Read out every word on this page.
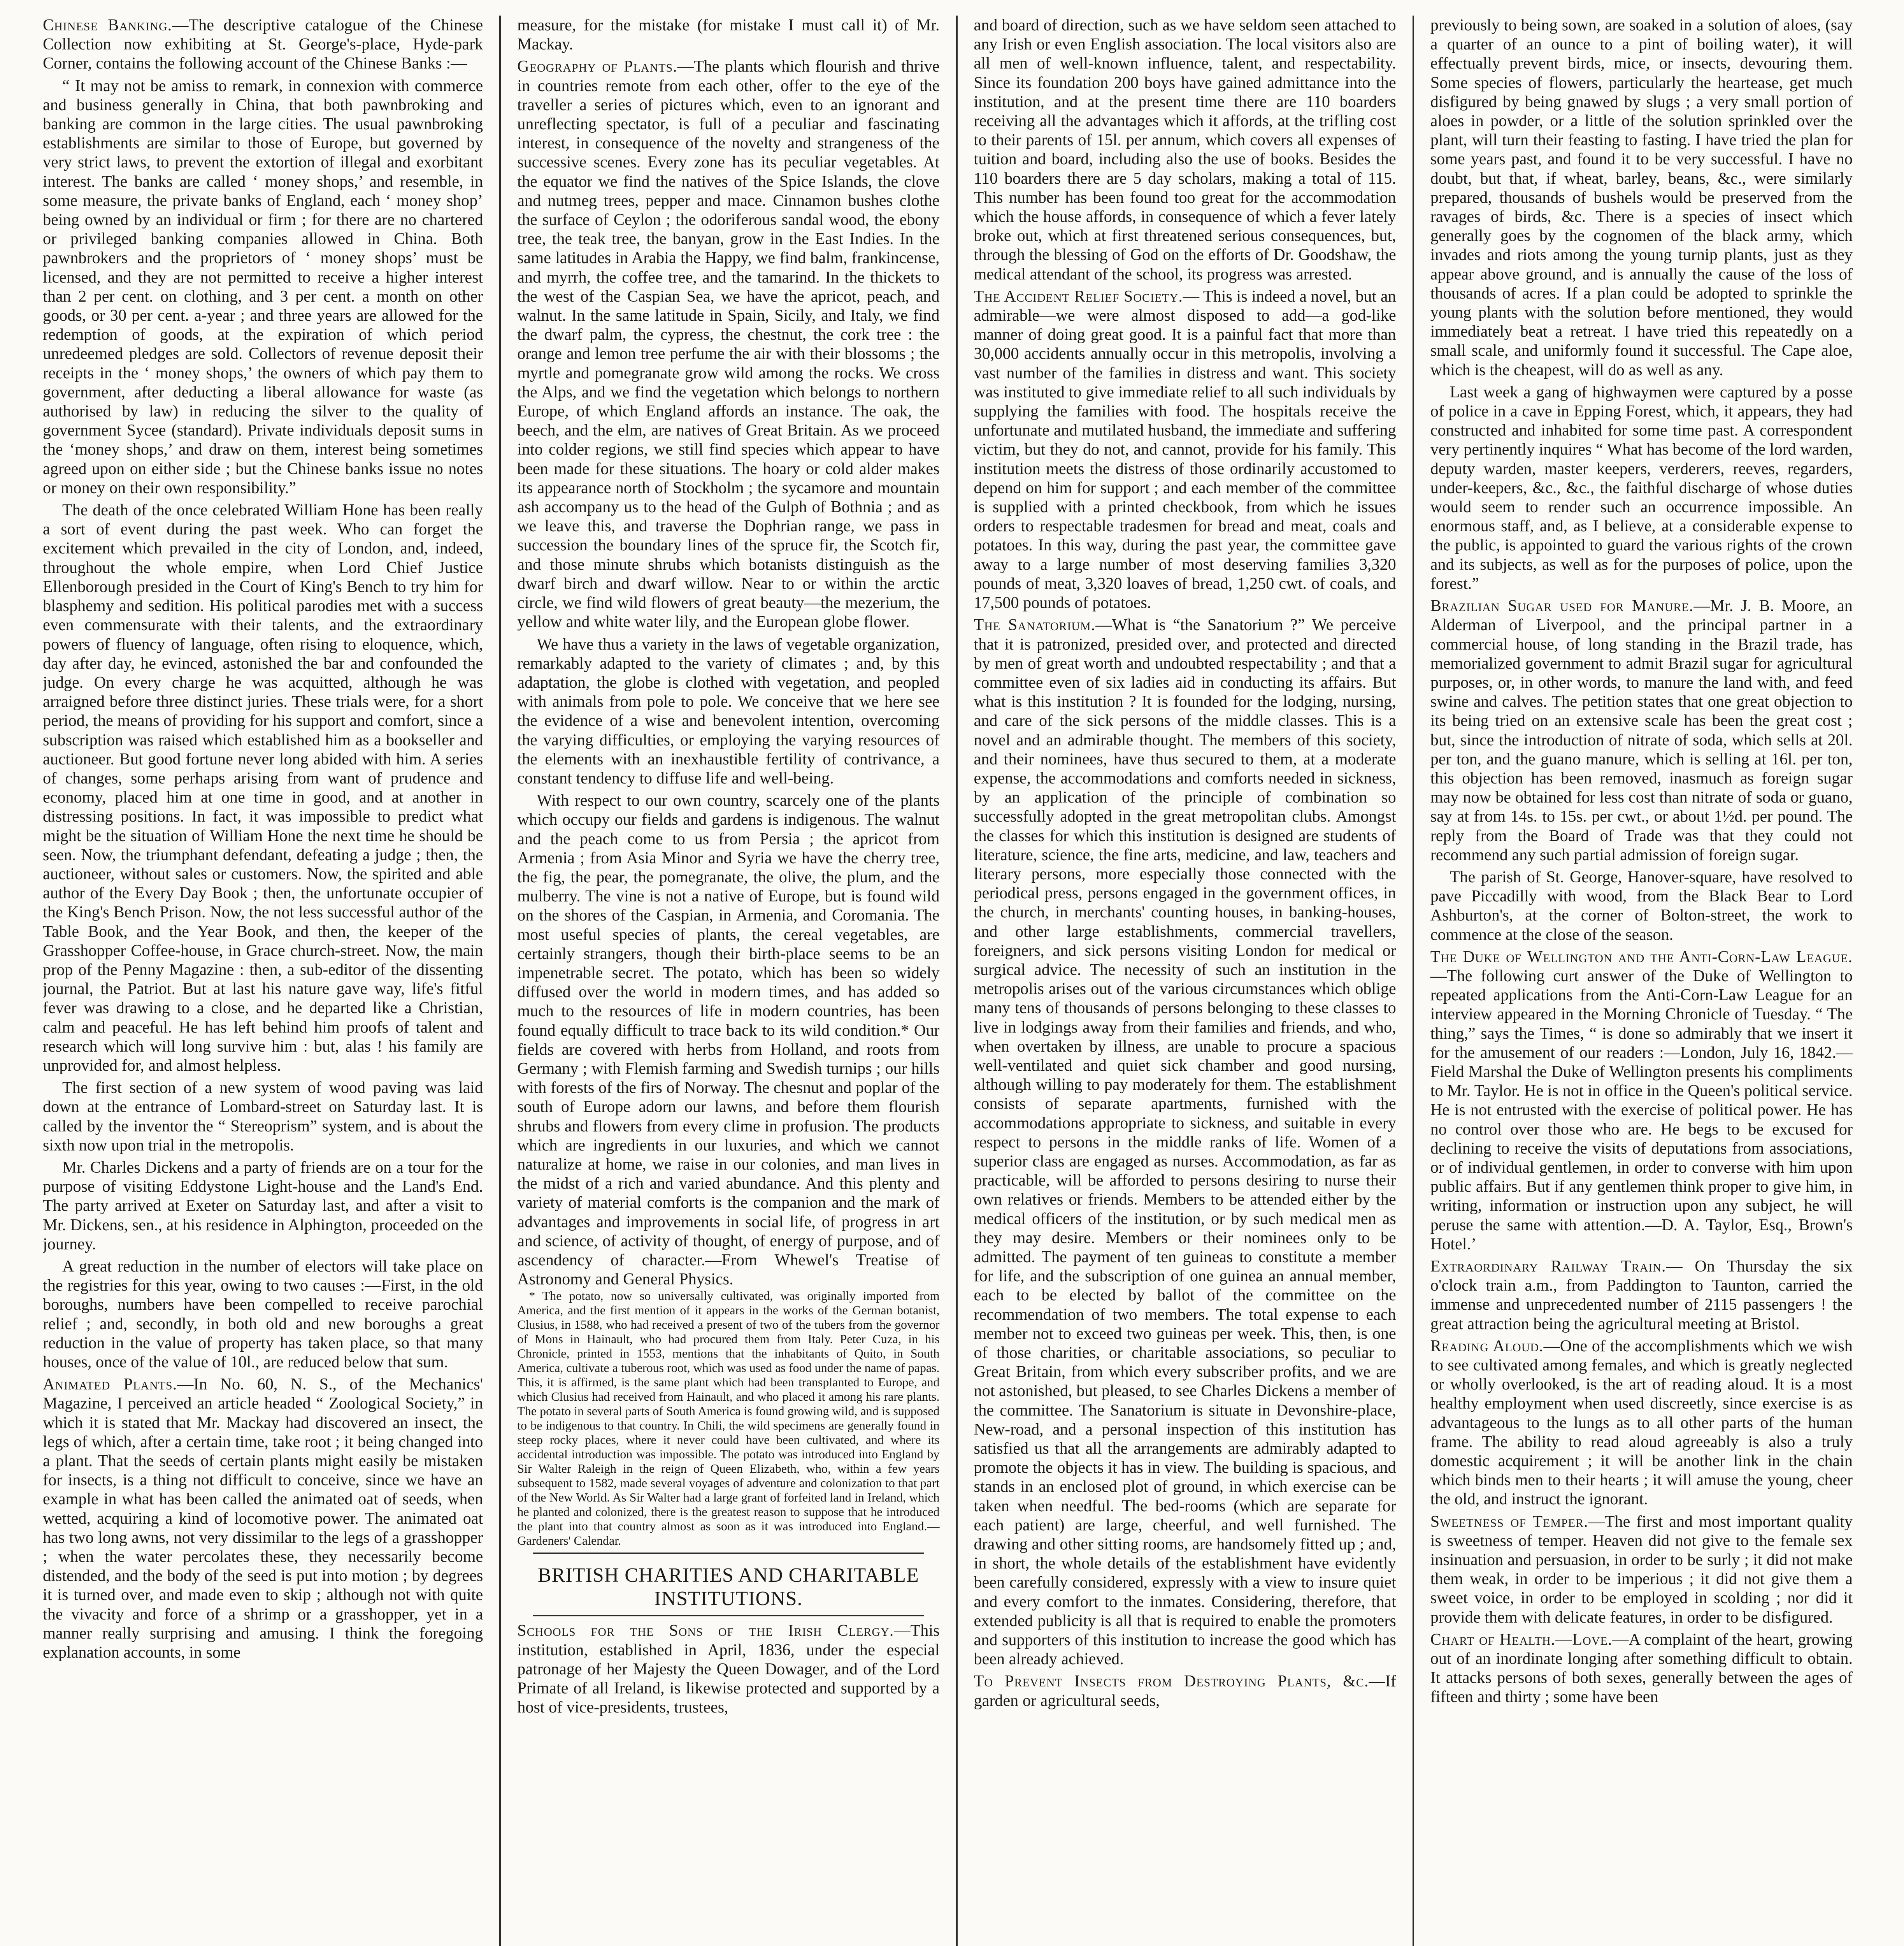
Chinese Banking.—The descriptive catalogue of the Chinese Collection now exhibiting at St. George's-place, Hyde-park Corner, contains the following account of the Chinese Banks :—

“ It may not be amiss to remark, in connexion with commerce and business generally in China, that both pawnbroking and banking are common in the large cities. The usual pawnbroking establishments are similar to those of Europe, but governed by very strict laws, to prevent the extortion of illegal and exorbitant interest. The banks are called ‘ money shops,’ and resemble, in some measure, the private banks of England, each ‘ money shop’ being owned by an individual or firm ; for there are no chartered or privileged banking companies allowed in China. Both pawnbrokers and the proprietors of ‘ money shops’ must be licensed, and they are not permitted to receive a higher interest than 2 per cent. on clothing, and 3 per cent. a month on other goods, or 30 per cent. a-year ; and three years are allowed for the redemption of goods, at the expiration of which period unredeemed pledges are sold. Collectors of revenue deposit their receipts in the ‘ money shops,’ the owners of which pay them to government, after deducting a liberal allowance for waste (as authorised by law) in reducing the silver to the quality of government Sycee (standard). Private individuals deposit sums in the ‘money shops,’ and draw on them, interest being sometimes agreed upon on either side ; but the Chinese banks issue no notes or money on their own responsibility.”

The death of the once celebrated William Hone has been really a sort of event during the past week. Who can forget the excitement which prevailed in the city of London, and, indeed, throughout the whole empire, when Lord Chief Justice Ellenborough presided in the Court of King's Bench to try him for blasphemy and sedition. His political parodies met with a success even commensurate with their talents, and the extraordinary powers of fluency of language, often rising to eloquence, which, day after day, he evinced, astonished the bar and confounded the judge. On every charge he was acquitted, although he was arraigned before three distinct juries. These trials were, for a short period, the means of providing for his support and comfort, since a subscription was raised which established him as a bookseller and auctioneer. But good fortune never long abided with him. A series of changes, some perhaps arising from want of prudence and economy, placed him at one time in good, and at another in distressing positions. In fact, it was impossible to predict what might be the situation of William Hone the next time he should be seen. Now, the triumphant defendant, defeating a judge ; then, the auctioneer, without sales or customers. Now, the spirited and able author of the Every Day Book ; then, the unfortunate occupier of the King's Bench Prison. Now, the not less successful author of the Table Book, and the Year Book, and then, the keeper of the Grasshopper Coffee-house, in Grace church-street. Now, the main prop of the Penny Magazine : then, a sub-editor of the dissenting journal, the Patriot. But at last his nature gave way, life's fitful fever was drawing to a close, and he departed like a Christian, calm and peaceful. He has left behind him proofs of talent and research which will long survive him : but, alas ! his family are unprovided for, and almost helpless.

The first section of a new system of wood paving was laid down at the entrance of Lombard-street on Saturday last. It is called by the inventor the “ Stereoprism” system, and is about the sixth now upon trial in the metropolis.

Mr. Charles Dickens and a party of friends are on a tour for the purpose of visiting Eddystone Light-house and the Land's End. The party arrived at Exeter on Saturday last, and after a visit to Mr. Dickens, sen., at his residence in Alphington, proceeded on the journey.

A great reduction in the number of electors will take place on the registries for this year, owing to two causes :—First, in the old boroughs, numbers have been compelled to receive parochial relief ; and, secondly, in both old and new boroughs a great reduction in the value of property has taken place, so that many houses, once of the value of 10l., are reduced below that sum.

Animated Plants.—In No. 60, N. S., of the Mechanics' Magazine, I perceived an article headed “ Zoological Society,” in which it is stated that Mr. Mackay had discovered an insect, the legs of which, after a certain time, take root ; it being changed into a plant. That the seeds of certain plants might easily be mistaken for insects, is a thing not difficult to conceive, since we have an example in what has been called the animated oat of seeds, when wetted, acquiring a kind of locomotive power. The animated oat has two long awns, not very dissimilar to the legs of a grasshopper ; when the water percolates these, they necessarily become distended, and the body of the seed is put into motion ; by degrees it is turned over, and made even to skip ; although not with quite the vivacity and force of a shrimp or a grasshopper, yet in a manner really surprising and amusing. I think the foregoing explanation accounts, in some

measure, for the mistake (for mistake I must call it) of Mr. Mackay.

Geography of Plants.—The plants which flourish and thrive in countries remote from each other, offer to the eye of the traveller a series of pictures which, even to an ignorant and unreflecting spectator, is full of a peculiar and fascinating interest, in consequence of the novelty and strangeness of the successive scenes. Every zone has its peculiar vegetables. At the equator we find the natives of the Spice Islands, the clove and nutmeg trees, pepper and mace. Cinnamon bushes clothe the surface of Ceylon ; the odoriferous sandal wood, the ebony tree, the teak tree, the banyan, grow in the East Indies. In the same latitudes in Arabia the Happy, we find balm, frankincense, and myrrh, the coffee tree, and the tamarind. In the thickets to the west of the Caspian Sea, we have the apricot, peach, and walnut. In the same latitude in Spain, Sicily, and Italy, we find the dwarf palm, the cypress, the chestnut, the cork tree : the orange and lemon tree perfume the air with their blossoms ; the myrtle and pomegranate grow wild among the rocks. We cross the Alps, and we find the vegetation which belongs to northern Europe, of which England affords an instance. The oak, the beech, and the elm, are natives of Great Britain. As we proceed into colder regions, we still find species which appear to have been made for these situations. The hoary or cold alder makes its appearance north of Stockholm ; the sycamore and mountain ash accompany us to the head of the Gulph of Bothnia ; and as we leave this, and traverse the Dophrian range, we pass in succession the boundary lines of the spruce fir, the Scotch fir, and those minute shrubs which botanists distinguish as the dwarf birch and dwarf willow. Near to or within the arctic circle, we find wild flowers of great beauty—the mezerium, the yellow and white water lily, and the European globe flower.

We have thus a variety in the laws of vegetable organization, remarkably adapted to the variety of climates ; and, by this adaptation, the globe is clothed with vegetation, and peopled with animals from pole to pole. We conceive that we here see the evidence of a wise and benevolent intention, overcoming the varying difficulties, or employing the varying resources of the elements with an inexhaustible fertility of contrivance, a constant tendency to diffuse life and well-being.

With respect to our own country, scarcely one of the plants which occupy our fields and gardens is indigenous. The walnut and the peach come to us from Persia ; the apricot from Armenia ; from Asia Minor and Syria we have the cherry tree, the fig, the pear, the pomegranate, the olive, the plum, and the mulberry. The vine is not a native of Europe, but is found wild on the shores of the Caspian, in Armenia, and Coromania. The most useful species of plants, the cereal vegetables, are certainly strangers, though their birth-place seems to be an impenetrable secret. The potato, which has been so widely diffused over the world in modern times, and has added so much to the resources of life in modern countries, has been found equally difficult to trace back to its wild condition.* Our fields are covered with herbs from Holland, and roots from Germany ; with Flemish farming and Swedish turnips ; our hills with forests of the firs of Norway. The chesnut and poplar of the south of Europe adorn our lawns, and before them flourish shrubs and flowers from every clime in profusion. The products which are ingredients in our luxuries, and which we cannot naturalize at home, we raise in our colonies, and man lives in the midst of a rich and varied abundance. And this plenty and variety of material comforts is the companion and the mark of advantages and improvements in social life, of progress in art and science, of activity of thought, of energy of purpose, and of ascendency of character.—From Whewel's Treatise of Astronomy and General Physics.

* The potato, now so universally cultivated, was originally imported from America, and the first mention of it appears in the works of the German botanist, Clusius, in 1588, who had received a present of two of the tubers from the governor of Mons in Hainault, who had procured them from Italy. Peter Cuza, in his Chronicle, printed in 1553, mentions that the inhabitants of Quito, in South America, cultivate a tuberous root, which was used as food under the name of papas. This, it is affirmed, is the same plant which had been transplanted to Europe, and which Clusius had received from Hainault, and who placed it among his rare plants. The potato in several parts of South America is found growing wild, and is supposed to be indigenous to that country. In Chili, the wild specimens are generally found in steep rocky places, where it never could have been cultivated, and where its accidental introduction was impossible. The potato was introduced into England by Sir Walter Raleigh in the reign of Queen Elizabeth, who, within a few years subsequent to 1582, made several voyages of adventure and colonization to that part of the New World. As Sir Walter had a large grant of forfeited land in Ireland, which he planted and colonized, there is the greatest reason to suppose that he introduced the plant into that country almost as soon as it was introduced into England.—Gardeners' Calendar.

BRITISH CHARITIES AND CHARITABLE INSTITUTIONS.

Schools for the Sons of the Irish Clergy.—This institution, established in April, 1836, under the especial patronage of her Majesty the Queen Dowager, and of the Lord Primate of all Ireland, is likewise protected and supported by a host of vice-presidents, trustees,

and board of direction, such as we have seldom seen attached to any Irish or even English association. The local visitors also are all men of well-known influence, talent, and respectability. Since its foundation 200 boys have gained admittance into the institution, and at the present time there are 110 boarders receiving all the advantages which it affords, at the trifling cost to their parents of 15l. per annum, which covers all expenses of tuition and board, including also the use of books. Besides the 110 boarders there are 5 day scholars, making a total of 115. This number has been found too great for the accommodation which the house affords, in consequence of which a fever lately broke out, which at first threatened serious consequences, but, through the blessing of God on the efforts of Dr. Goodshaw, the medical attendant of the school, its progress was arrested.

The Accident Relief Society.— This is indeed a novel, but an admirable—we were almost disposed to add—a god-like manner of doing great good. It is a painful fact that more than 30,000 accidents annually occur in this metropolis, involving a vast number of the families in distress and want. This society was instituted to give immediate relief to all such individuals by supplying the families with food. The hospitals receive the unfortunate and mutilated husband, the immediate and suffering victim, but they do not, and cannot, provide for his family. This institution meets the distress of those ordinarily accustomed to depend on him for support ; and each member of the committee is supplied with a printed checkbook, from which he issues orders to respectable tradesmen for bread and meat, coals and potatoes. In this way, during the past year, the committee gave away to a large number of most deserving families 3,320 pounds of meat, 3,320 loaves of bread, 1,250 cwt. of coals, and 17,500 pounds of potatoes.

The Sanatorium.—What is “the Sanatorium ?” We perceive that it is patronized, presided over, and protected and directed by men of great worth and undoubted respectability ; and that a committee even of six ladies aid in conducting its affairs. But what is this institution ? It is founded for the lodging, nursing, and care of the sick persons of the middle classes. This is a novel and an admirable thought. The members of this society, and their nominees, have thus secured to them, at a moderate expense, the accommodations and comforts needed in sickness, by an application of the principle of combination so successfully adopted in the great metropolitan clubs. Amongst the classes for which this institution is designed are students of literature, science, the fine arts, medicine, and law, teachers and literary persons, more especially those connected with the periodical press, persons engaged in the government offices, in the church, in merchants' counting houses, in banking-houses, and other large establishments, commercial travellers, foreigners, and sick persons visiting London for medical or surgical advice. The necessity of such an institution in the metropolis arises out of the various circumstances which oblige many tens of thousands of persons belonging to these classes to live in lodgings away from their families and friends, and who, when overtaken by illness, are unable to procure a spacious well-ventilated and quiet sick chamber and good nursing, although willing to pay moderately for them. The establishment consists of separate apartments, furnished with the accommodations appropriate to sickness, and suitable in every respect to persons in the middle ranks of life. Women of a superior class are engaged as nurses. Accommodation, as far as practicable, will be afforded to persons desiring to nurse their own relatives or friends. Members to be attended either by the medical officers of the institution, or by such medical men as they may desire. Members or their nominees only to be admitted. The payment of ten guineas to constitute a member for life, and the subscription of one guinea an annual member, each to be elected by ballot of the committee on the recommendation of two members. The total expense to each member not to exceed two guineas per week. This, then, is one of those charities, or charitable associations, so peculiar to Great Britain, from which every subscriber profits, and we are not astonished, but pleased, to see Charles Dickens a member of the committee. The Sanatorium is situate in Devonshire-place, New-road, and a personal inspection of this institution has satisfied us that all the arrangements are admirably adapted to promote the objects it has in view. The building is spacious, and stands in an enclosed plot of ground, in which exercise can be taken when needful. The bed-rooms (which are separate for each patient) are large, cheerful, and well furnished. The drawing and other sitting rooms, are handsomely fitted up ; and, in short, the whole details of the establishment have evidently been carefully considered, expressly with a view to insure quiet and every comfort to the inmates. Considering, therefore, that extended publicity is all that is required to enable the promoters and supporters of this institution to increase the good which has been already achieved.

To Prevent Insects from Destroying Plants, &c.—If garden or agricultural seeds,

previously to being sown, are soaked in a solution of aloes, (say a quarter of an ounce to a pint of boiling water), it will effectually prevent birds, mice, or insects, devouring them. Some species of flowers, particularly the heartease, get much disfigured by being gnawed by slugs ; a very small portion of aloes in powder, or a little of the solution sprinkled over the plant, will turn their feasting to fasting. I have tried the plan for some years past, and found it to be very successful. I have no doubt, but that, if wheat, barley, beans, &c., were similarly prepared, thousands of bushels would be preserved from the ravages of birds, &c. There is a species of insect which generally goes by the cognomen of the black army, which invades and riots among the young turnip plants, just as they appear above ground, and is annually the cause of the loss of thousands of acres. If a plan could be adopted to sprinkle the young plants with the solution before mentioned, they would immediately beat a retreat. I have tried this repeatedly on a small scale, and uniformly found it successful. The Cape aloe, which is the cheapest, will do as well as any.

Last week a gang of highwaymen were captured by a posse of police in a cave in Epping Forest, which, it appears, they had constructed and inhabited for some time past. A correspondent very pertinently inquires “ What has become of the lord warden, deputy warden, master keepers, verderers, reeves, regarders, under-keepers, &c., &c., the faithful discharge of whose duties would seem to render such an occurrence impossible. An enormous staff, and, as I believe, at a considerable expense to the public, is appointed to guard the various rights of the crown and its subjects, as well as for the purposes of police, upon the forest.”

Brazilian Sugar used for Manure.—Mr. J. B. Moore, an Alderman of Liverpool, and the principal partner in a commercial house, of long standing in the Brazil trade, has memorialized government to admit Brazil sugar for agricultural purposes, or, in other words, to manure the land with, and feed swine and calves. The petition states that one great objection to its being tried on an extensive scale has been the great cost ; but, since the introduction of nitrate of soda, which sells at 20l. per ton, and the guano manure, which is selling at 16l. per ton, this objection has been removed, inasmuch as foreign sugar may now be obtained for less cost than nitrate of soda or guano, say at from 14s. to 15s. per cwt., or about 1½d. per pound. The reply from the Board of Trade was that they could not recommend any such partial admission of foreign sugar.

The parish of St. George, Hanover-square, have resolved to pave Piccadilly with wood, from the Black Bear to Lord Ashburton's, at the corner of Bolton-street, the work to commence at the close of the season.

The Duke of Wellington and the Anti-Corn-Law League.—The following curt answer of the Duke of Wellington to repeated applications from the Anti-Corn-Law League for an interview appeared in the Morning Chronicle of Tuesday. “ The thing,” says the Times, “ is done so admirably that we insert it for the amusement of our readers :—London, July 16, 1842.—Field Marshal the Duke of Wellington presents his compliments to Mr. Taylor. He is not in office in the Queen's political service. He is not entrusted with the exercise of political power. He has no control over those who are. He begs to be excused for declining to receive the visits of deputations from associations, or of individual gentlemen, in order to converse with him upon public affairs. But if any gentlemen think proper to give him, in writing, information or instruction upon any subject, he will peruse the same with attention.—D. A. Taylor, Esq., Brown's Hotel.’

Extraordinary Railway Train.— On Thursday the six o'clock train a.m., from Paddington to Taunton, carried the immense and unprecedented number of 2115 passengers ! the great attraction being the agricultural meeting at Bristol.

Reading Aloud.—One of the accomplishments which we wish to see cultivated among females, and which is greatly neglected or wholly overlooked, is the art of reading aloud. It is a most healthy employment when used discreetly, since exercise is as advantageous to the lungs as to all other parts of the human frame. The ability to read aloud agreeably is also a truly domestic acquirement ; it will be another link in the chain which binds men to their hearts ; it will amuse the young, cheer the old, and instruct the ignorant.

Sweetness of Temper.—The first and most important quality is sweetness of temper. Heaven did not give to the female sex insinuation and persuasion, in order to be surly ; it did not make them weak, in order to be imperious ; it did not give them a sweet voice, in order to be employed in scolding ; nor did it provide them with delicate features, in order to be disfigured.

Chart of Health.—Love.—A complaint of the heart, growing out of an inordinate longing after something difficult to obtain. It attacks persons of both sexes, generally between the ages of fifteen and thirty ; some have been
